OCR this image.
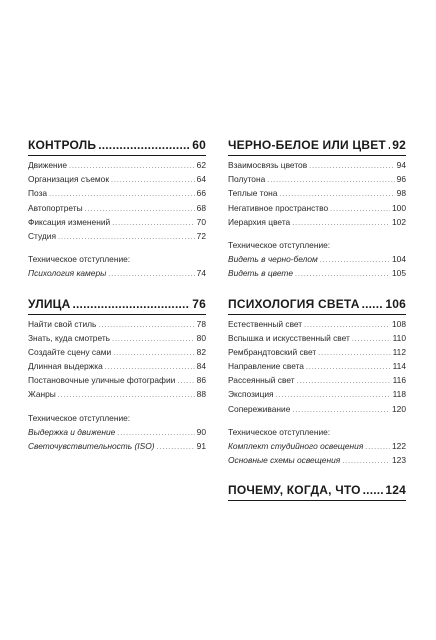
КОНТРОЛЬ .....	60
Движение .....	62
Организация съемок .....	64
Поза .....	66
Автопортреты .....	68
Фиксация изменений .....	70
Студия .....	72
Техническое отступление:
Психология камеры .....	74
УЛИЦА .....	76
Найти свой стиль .....	78
Знать, куда смотреть .....	80
Создайте сцену сами .....	82
Длинная выдержка .....	84
Постановочные уличные фотографии .....	86
Жанры .....	88
Техническое отступление:
Выдержка и движение .....	90
Светочувствительность (ISO) .....	91
ЧЕРНО-БЕЛОЕ ИЛИ ЦВЕТ ..... 92
Взаимосвязь цветов .....	94
Полутона .....	96
Теплые тона .....	98
Негативное пространство .....	100
Иерархия цвета .....	102
Техническое отступление:
Видеть в черно-белом .....	104
Видеть в цвете .....	105
ПСИХОЛОГИЯ СВЕТА ..... 106
Естественный свет .....	108
Вспышка и искусственный свет .....	110
Рембрандтовский свет .....	112
Направление света .....	114
Рассеянный свет .....	116
Экспозиция .....	118
Сопереживание .....	120
Техническое отступление:
Комплект студийного освещения .....	122
Основные схемы освещения .....	123
ПОЧЕМУ, КОГДА, ЧТО ..... 124
